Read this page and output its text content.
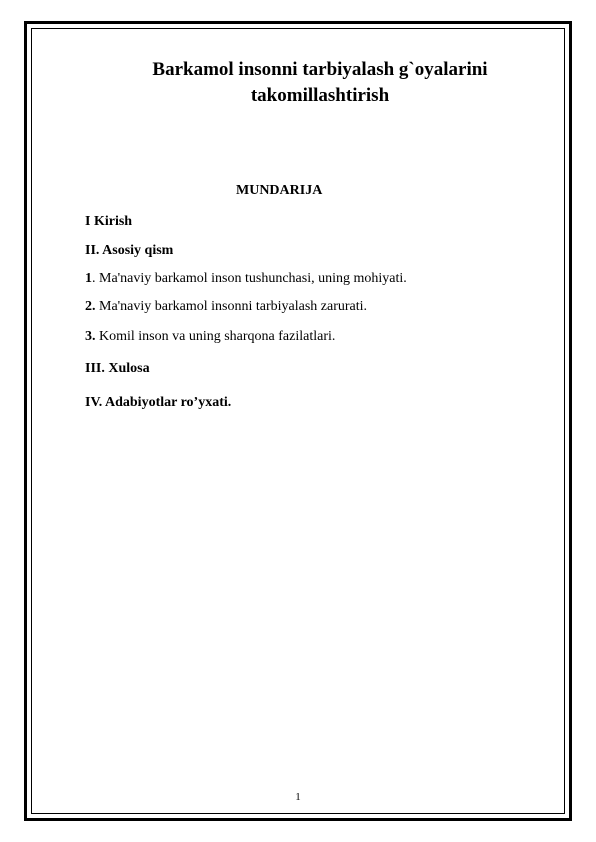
Barkamol insonni tarbiyalash g`oyalarini takomillashtirish
MUNDARIJA
I Kirish
II. Asosiy qism
1. Ma'naviy barkamol inson tushunchasi, uning mohiyati.
2. Ma'naviy barkamol insonni tarbiyalash zarurati.
3. Komil inson va uning sharqona fazilatlari.
III. Xulosa
IV. Adabiyotlar ro’yxati.
1
